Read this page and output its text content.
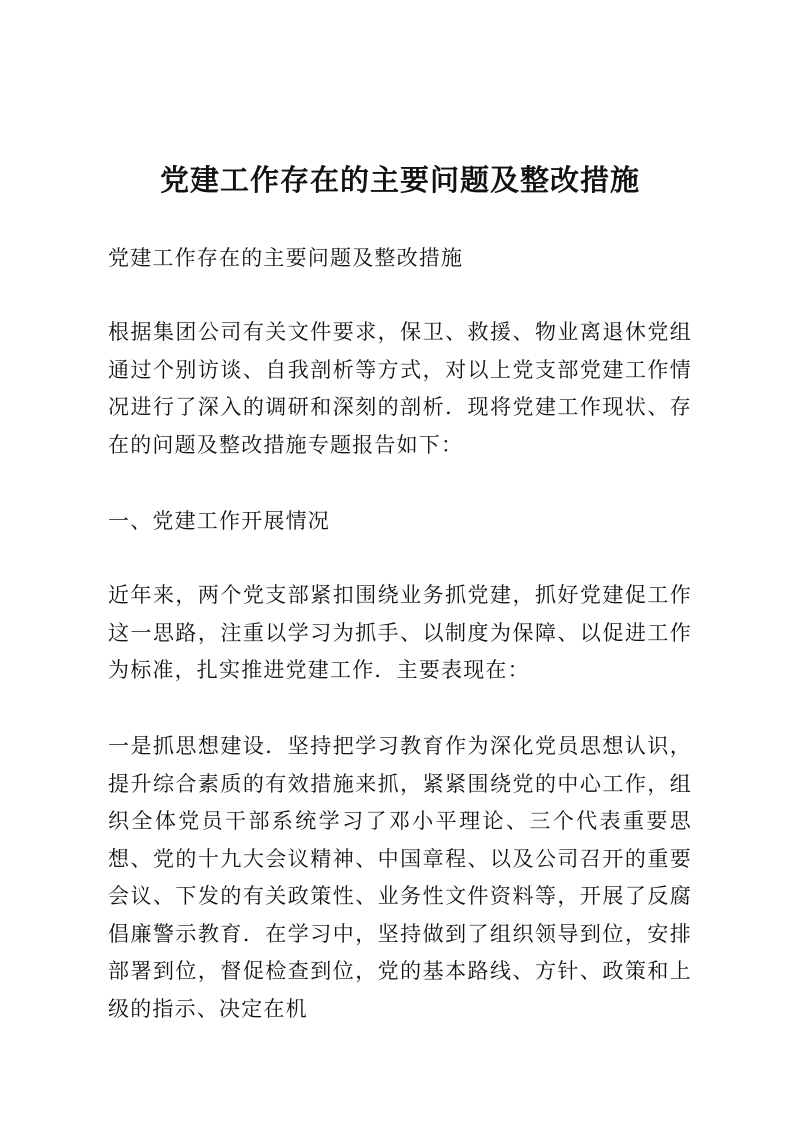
党建工作存在的主要问题及整改措施

党建工作存在的主要问题及整改措施

根据集团公司有关文件要求，保卫、救援、物业离退休党组通过个别访谈、自我剖析等方式，对以上党支部党建工作情况进行了深入的调研和深刻的剖析．现将党建工作现状、存在的问题及整改措施专题报告如下：

一、党建工作开展情况

近年来，两个党支部紧扣围绕业务抓党建，抓好党建促工作这一思路，注重以学习为抓手、以制度为保障、以促进工作为标准，扎实推进党建工作．主要表现在：

一是抓思想建设．坚持把学习教育作为深化党员思想认识，提升综合素质的有效措施来抓，紧紧围绕党的中心工作，组织全体党员干部系统学习了邓小平理论、三个代表重要思想、党的十九大会议精神、中国章程、以及公司召开的重要会议、下发的有关政策性、业务性文件资料等，开展了反腐倡廉警示教育．在学习中，坚持做到了组织领导到位，安排部署到位，督促检查到位，党的基本路线、方针、政策和上级的指示、决定在机
